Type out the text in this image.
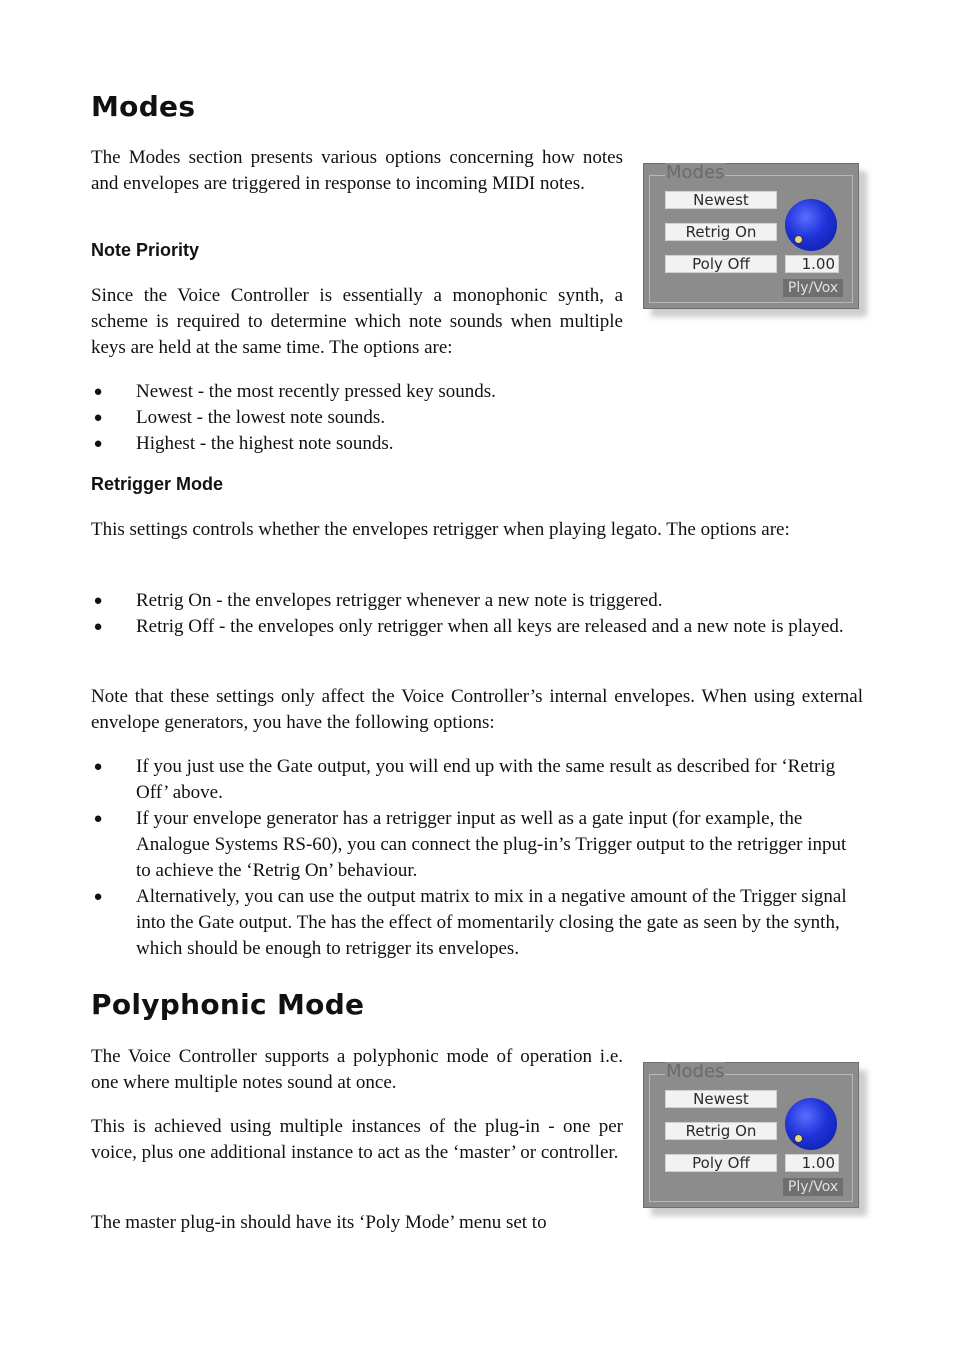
Modes

The Modes section presents various options concerning how notes and envelopes are triggered in response to incoming MIDI notes.

Note Priority

Since the Voice Controller is essentially a monophonic synth, a scheme is required to determine which note sounds when multiple keys are held at the same time. The options are:

● Newest - the most recently pressed key sounds.
● Lowest - the lowest note sounds.
● Highest - the highest note sounds.
Retrigger Mode

This settings controls whether the envelopes retrigger when playing legato. The options are:

● Retrig On - the envelopes retrigger whenever a new note is triggered.
● Retrig Off - the envelopes only retrigger when all keys are released and a new note is played.

Note that these settings only affect the Voice Controller’s internal envelopes. When using external envelope generators, you have the following options:

● If you just use the Gate output, you will end up with the same result as described for ‘Retrig Off’ above.
● If your envelope generator has a retrigger input as well as a gate input (for example, the Analogue Systems RS-60), you can connect the plug-in’s Trigger output to the retrigger input to achieve the ‘Retrig On’ behaviour.
● Alternatively, you can use the output matrix to mix in a negative amount of the Trigger signal into the Gate output. The has the effect of momentarily closing the gate as seen by the synth, which should be enough to retrigger its envelopes.
Polyphonic Mode

The Voice Controller supports a polyphonic mode of operation i.e. one where multiple notes sound at once.

This is achieved using multiple instances of the plug-in - one per voice, plus one additional instance to act as the ‘master’ or controller.

The master plug-in should have its ‘Poly Mode’ menu set to

Modes
Newest
Retrig On
Poly Off	1.00
Ply/Vox
Modes
Newest
Retrig On
Poly Off	1.00
Ply/Vox
